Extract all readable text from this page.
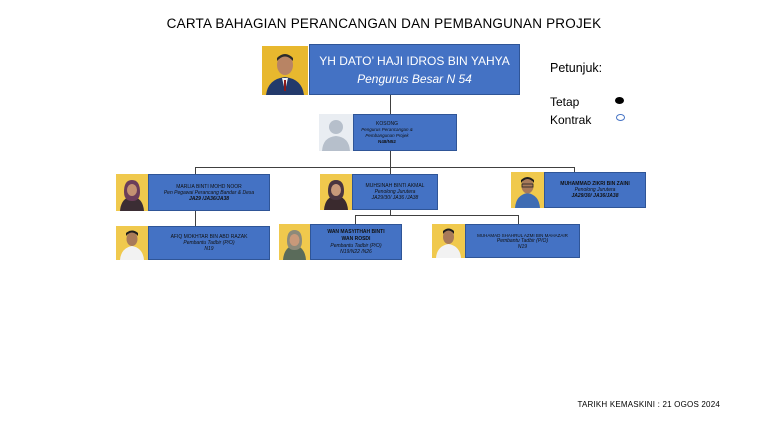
CARTA BAHAGIAN PERANCANGAN DAN PEMBANGUNAN PROJEK
YH DATO’ HAJI IDROS BIN YAHYA
Pengurus Besar N 54
KOSONG
Pengurus Perancangan & Pembangunan Projek
N48/N52
MARLIA BINTI MOHD NOOR
Pen Pegawai Perancang Bandar & Desa
JA29 /JA36/JA38
MUHSINAH BINTI AKMAL
Penolong Jurutera
JA29/30/ JA36 /JA38
MUHAMMAD ZIKRI BIN ZAINI
Penolong Jurutera
JA29/30/ JA36/JA38
AFIQ MOKHTAR BIN ABD RAZAK
Pembantu Tadbir (P/O)
N19
WAN MASYITHAH BINTI WAN ROSDI
Pembantu Tadbir (P/O)
N19/N22 /N26
MUHAMAD SHAHRUL AZMI BIN MAHAZAIR
Pembantu Tadbir (P/O)
N19
Petunjuk:
Tetap
Kontrak
TARIKH KEMASKINI : 21 OGOS 2024
